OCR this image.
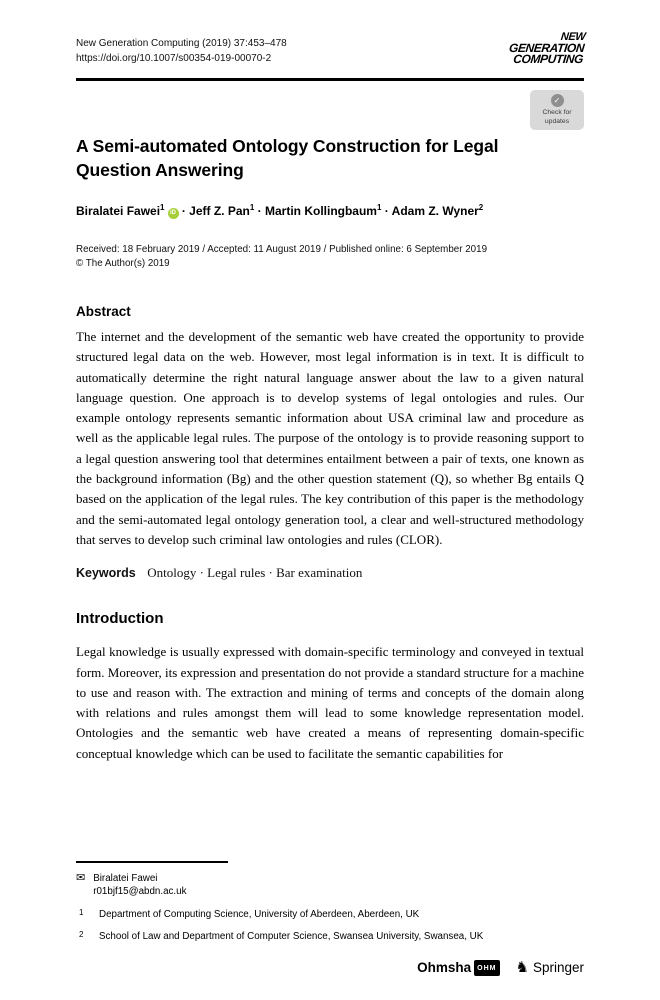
New Generation Computing (2019) 37:453–478
https://doi.org/10.1007/s00354-019-00070-2
NEW
GENERATION
COMPUTING
✓
Check for
updates
A Semi-automated Ontology Construction for Legal Question Answering
Biralatei Fawei$^1$iD · Jeff Z. Pan$^1$ · Martin Kollingbaum$^1$ · Adam Z. Wyner$^2$
Received: 18 February 2019 / Accepted: 11 August 2019 / Published online: 6 September 2019
© The Author(s) 2019
Abstract

The internet and the development of the semantic web have created the opportunity to provide structured legal data on the web. However, most legal information is in text. It is difficult to automatically determine the right natural language answer about the law to a given natural language question. One approach is to develop systems of legal ontologies and rules. Our example ontology represents semantic information about USA criminal law and procedure as well as the applicable legal rules. The purpose of the ontology is to provide reasoning support to a legal question answering tool that determines entailment between a pair of texts, one known as the background information (Bg) and the other question statement (Q), so whether Bg entails Q based on the application of the legal rules. The key contribution of this paper is the methodology and the semi-automated legal ontology generation tool, a clear and well-structured methodology that serves to develop such criminal law ontologies and rules (CLOR).

Keywords Ontology · Legal rules · Bar examination

Introduction

Legal knowledge is usually expressed with domain-specific terminology and conveyed in textual form. Moreover, its expression and presentation do not provide a standard structure for a machine to use and reason with. The extraction and mining of terms and concepts of the domain along with relations and rules amongst them will lead to some knowledge representation model. Ontologies and the semantic web have created a means of representing domain-specific conceptual knowledge which can be used to facilitate the semantic capabilities for

✉ Biralatei Fawei
r01bjf15@abdn.ac.uk
1	Department of Computing Science, University of Aberdeen, Aberdeen, UK
2	School of Law and Department of Computer Science, Swansea University, Swansea, UK
Ohmsha OHM ♞ Springer
